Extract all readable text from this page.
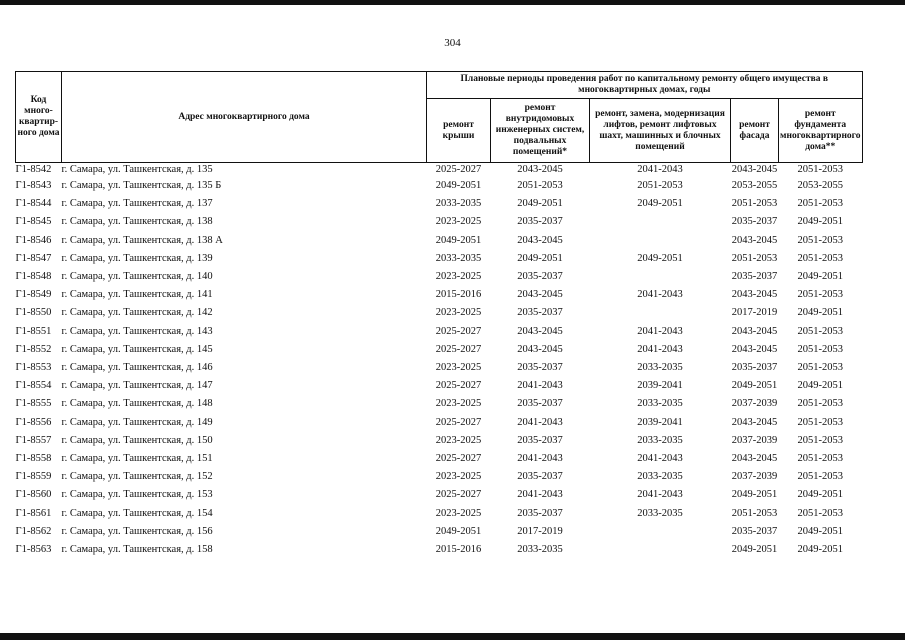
304
Код много-квартир-ного дома	Адрес многоквартирного дома	Плановые периоды проведения работ по капитальному ремонту общего имущества в многоквартирных домах, годы				
		ремонт крыши	ремонт внутридомовых инженерных систем, подвальных помещений*	ремонт, замена, модернизация лифтов, ремонт лифтовых шахт, машинных и блочных помещений	ремонт фасада	ремонт фундамента многоквартирного дома**
Г1-8542	г. Самара, ул. Ташкентская, д. 135	2025-2027	2043-2045	2041-2043	2043-2045	2051-2053
Г1-8543	г. Самара, ул. Ташкентская, д. 135 Б	2049-2051	2051-2053	2051-2053	2053-2055	2053-2055
Г1-8544	г. Самара, ул. Ташкентская, д. 137	2033-2035	2049-2051	2049-2051	2051-2053	2051-2053
Г1-8545	г. Самара, ул. Ташкентская, д. 138	2023-2025	2035-2037		2035-2037	2049-2051
Г1-8546	г. Самара, ул. Ташкентская, д. 138 А	2049-2051	2043-2045		2043-2045	2051-2053
Г1-8547	г. Самара, ул. Ташкентская, д. 139	2033-2035	2049-2051	2049-2051	2051-2053	2051-2053
Г1-8548	г. Самара, ул. Ташкентская, д. 140	2023-2025	2035-2037		2035-2037	2049-2051
Г1-8549	г. Самара, ул. Ташкентская, д. 141	2015-2016	2043-2045	2041-2043	2043-2045	2051-2053
Г1-8550	г. Самара, ул. Ташкентская, д. 142	2023-2025	2035-2037		2017-2019	2049-2051
Г1-8551	г. Самара, ул. Ташкентская, д. 143	2025-2027	2043-2045	2041-2043	2043-2045	2051-2053
Г1-8552	г. Самара, ул. Ташкентская, д. 145	2025-2027	2043-2045	2041-2043	2043-2045	2051-2053
Г1-8553	г. Самара, ул. Ташкентская, д. 146	2023-2025	2035-2037	2033-2035	2035-2037	2051-2053
Г1-8554	г. Самара, ул. Ташкентская, д. 147	2025-2027	2041-2043	2039-2041	2049-2051	2049-2051
Г1-8555	г. Самара, ул. Ташкентская, д. 148	2023-2025	2035-2037	2033-2035	2037-2039	2051-2053
Г1-8556	г. Самара, ул. Ташкентская, д. 149	2025-2027	2041-2043	2039-2041	2043-2045	2051-2053
Г1-8557	г. Самара, ул. Ташкентская, д. 150	2023-2025	2035-2037	2033-2035	2037-2039	2051-2053
Г1-8558	г. Самара, ул. Ташкентская, д. 151	2025-2027	2041-2043	2041-2043	2043-2045	2051-2053
Г1-8559	г. Самара, ул. Ташкентская, д. 152	2023-2025	2035-2037	2033-2035	2037-2039	2051-2053
Г1-8560	г. Самара, ул. Ташкентская, д. 153	2025-2027	2041-2043	2041-2043	2049-2051	2049-2051
Г1-8561	г. Самара, ул. Ташкентская, д. 154	2023-2025	2035-2037	2033-2035	2051-2053	2051-2053
Г1-8562	г. Самара, ул. Ташкентская, д. 156	2049-2051	2017-2019		2035-2037	2049-2051
Г1-8563	г. Самара, ул. Ташкентская, д. 158	2015-2016	2033-2035		2049-2051	2049-2051
